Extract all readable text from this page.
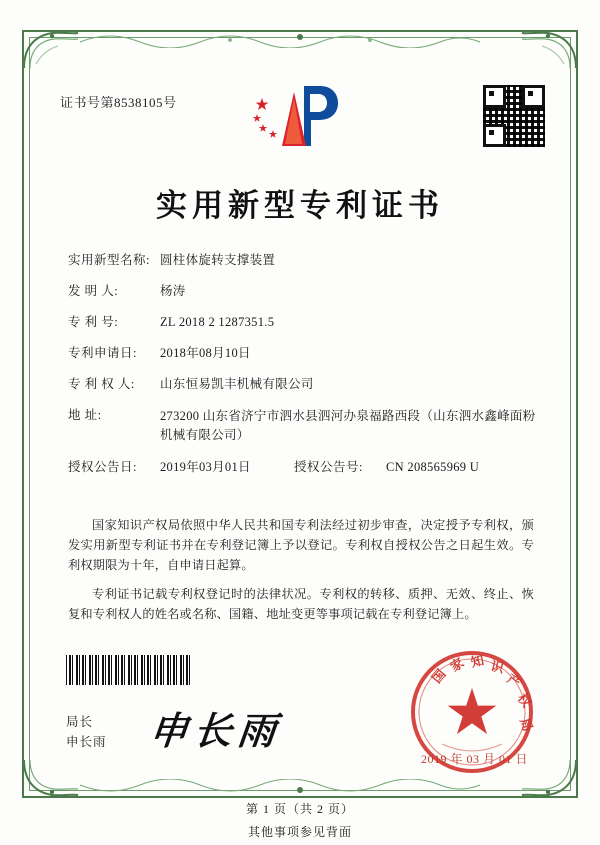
证书号第8538105号
实用新型专利证书
实用新型名称: 圆柱体旋转支撑装置
发 明 人:	杨涛
专 利 号:	ZL 2018 2 1287351.5
专利申请日:	2018年08月10日
专 利 权 人:	山东恒易凯丰机械有限公司
地 址:	273200 山东省济宁市泗水县泗河办泉福路西段（山东泗水鑫峰面粉机械有限公司）
授权公告日:	2019年03月01日	授权公告号:	CN 208565969 U

国家知识产权局依照中华人民共和国专利法经过初步审查，决定授予专利权，颁发实用新型专利证书并在专利登记簿上予以登记。专利权自授权公告之日起生效。专利权期限为十年，自申请日起算。

专利证书记载专利权登记时的法律状况。专利权的转移、质押、无效、终止、恢复和专利权人的姓名或名称、国籍、地址变更等事项记载在专利登记簿上。

局长
申长雨 申长雨
国
家 知 识
产
权
局
2019 年 03 月 01 日
第 1 页（共 2 页）
其他事项参见背面
